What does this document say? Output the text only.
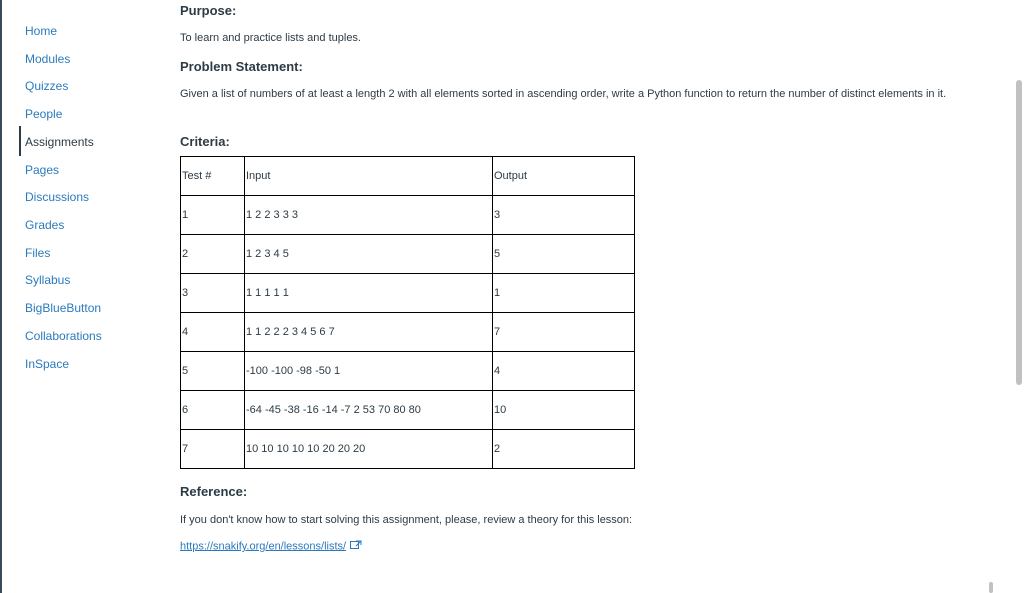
Home
Modules
Quizzes
People
Assignments
Pages
Discussions
Grades
Files
Syllabus
BigBlueButton
Collaborations
InSpace
Purpose:
To learn and practice lists and tuples.
Problem Statement:
Given a list of numbers of at least a length 2 with all elements sorted in ascending order, write a Python function to return the number of distinct elements in it.
Criteria:
Reference:
If you don't know how to start solving this assignment, please, review a theory for this lesson:
https://snakify.org/en/lessons/lists/
Test #	Input	Output
1	1 2 2 3 3 3	3
2	1 2 3 4 5	5
3	1 1 1 1 1	1
4	1 1 2 2 2 3 4 5 6 7	7
5	-100 -100 -98 -50 1	4
6	-64 -45 -38 -16 -14 -7 2 53 70 80 80	10
7	10 10 10 10 10 20 20 20	2
